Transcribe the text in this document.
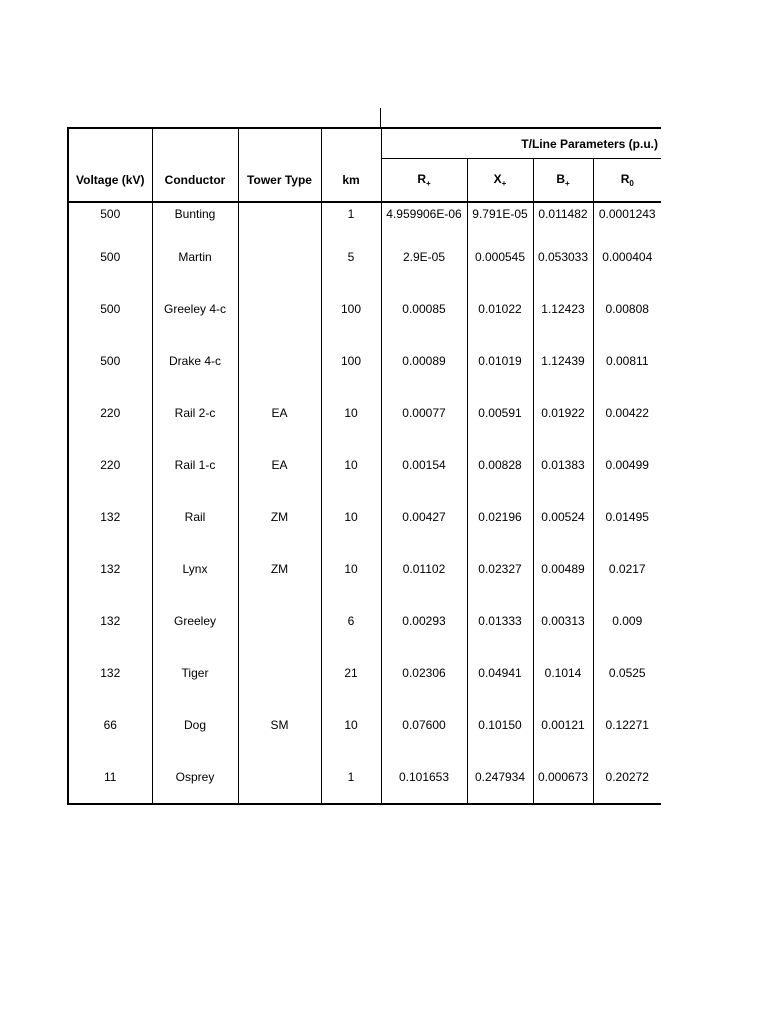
				T/Line Parameters (p.u.)			
Voltage (kV)	Conductor	Tower Type	km	$R_+$	$X_+$	$B_+$	$R_0$
500	Bunting		1	4.959906E-06	9.791E-05	0.011482	0.0001243
500	Martin		5	2.9E-05	0.000545	0.053033	0.000404
500	Greeley 4-c		100	0.00085	0.01022	1.12423	0.00808
500	Drake 4-c		100	0.00089	0.01019	1.12439	0.00811
220	Rail 2-c	EA	10	0.00077	0.00591	0.01922	0.00422
220	Rail 1-c	EA	10	0.00154	0.00828	0.01383	0.00499
132	Rail	ZM	10	0.00427	0.02196	0.00524	0.01495
132	Lynx	ZM	10	0.01102	0.02327	0.00489	0.0217
132	Greeley		6	0.00293	0.01333	0.00313	0.009
132	Tiger		21	0.02306	0.04941	0.1014	0.0525
66	Dog	SM	10	0.07600	0.10150	0.00121	0.12271
11	Osprey		1	0.101653	0.247934	0.000673	0.20272
